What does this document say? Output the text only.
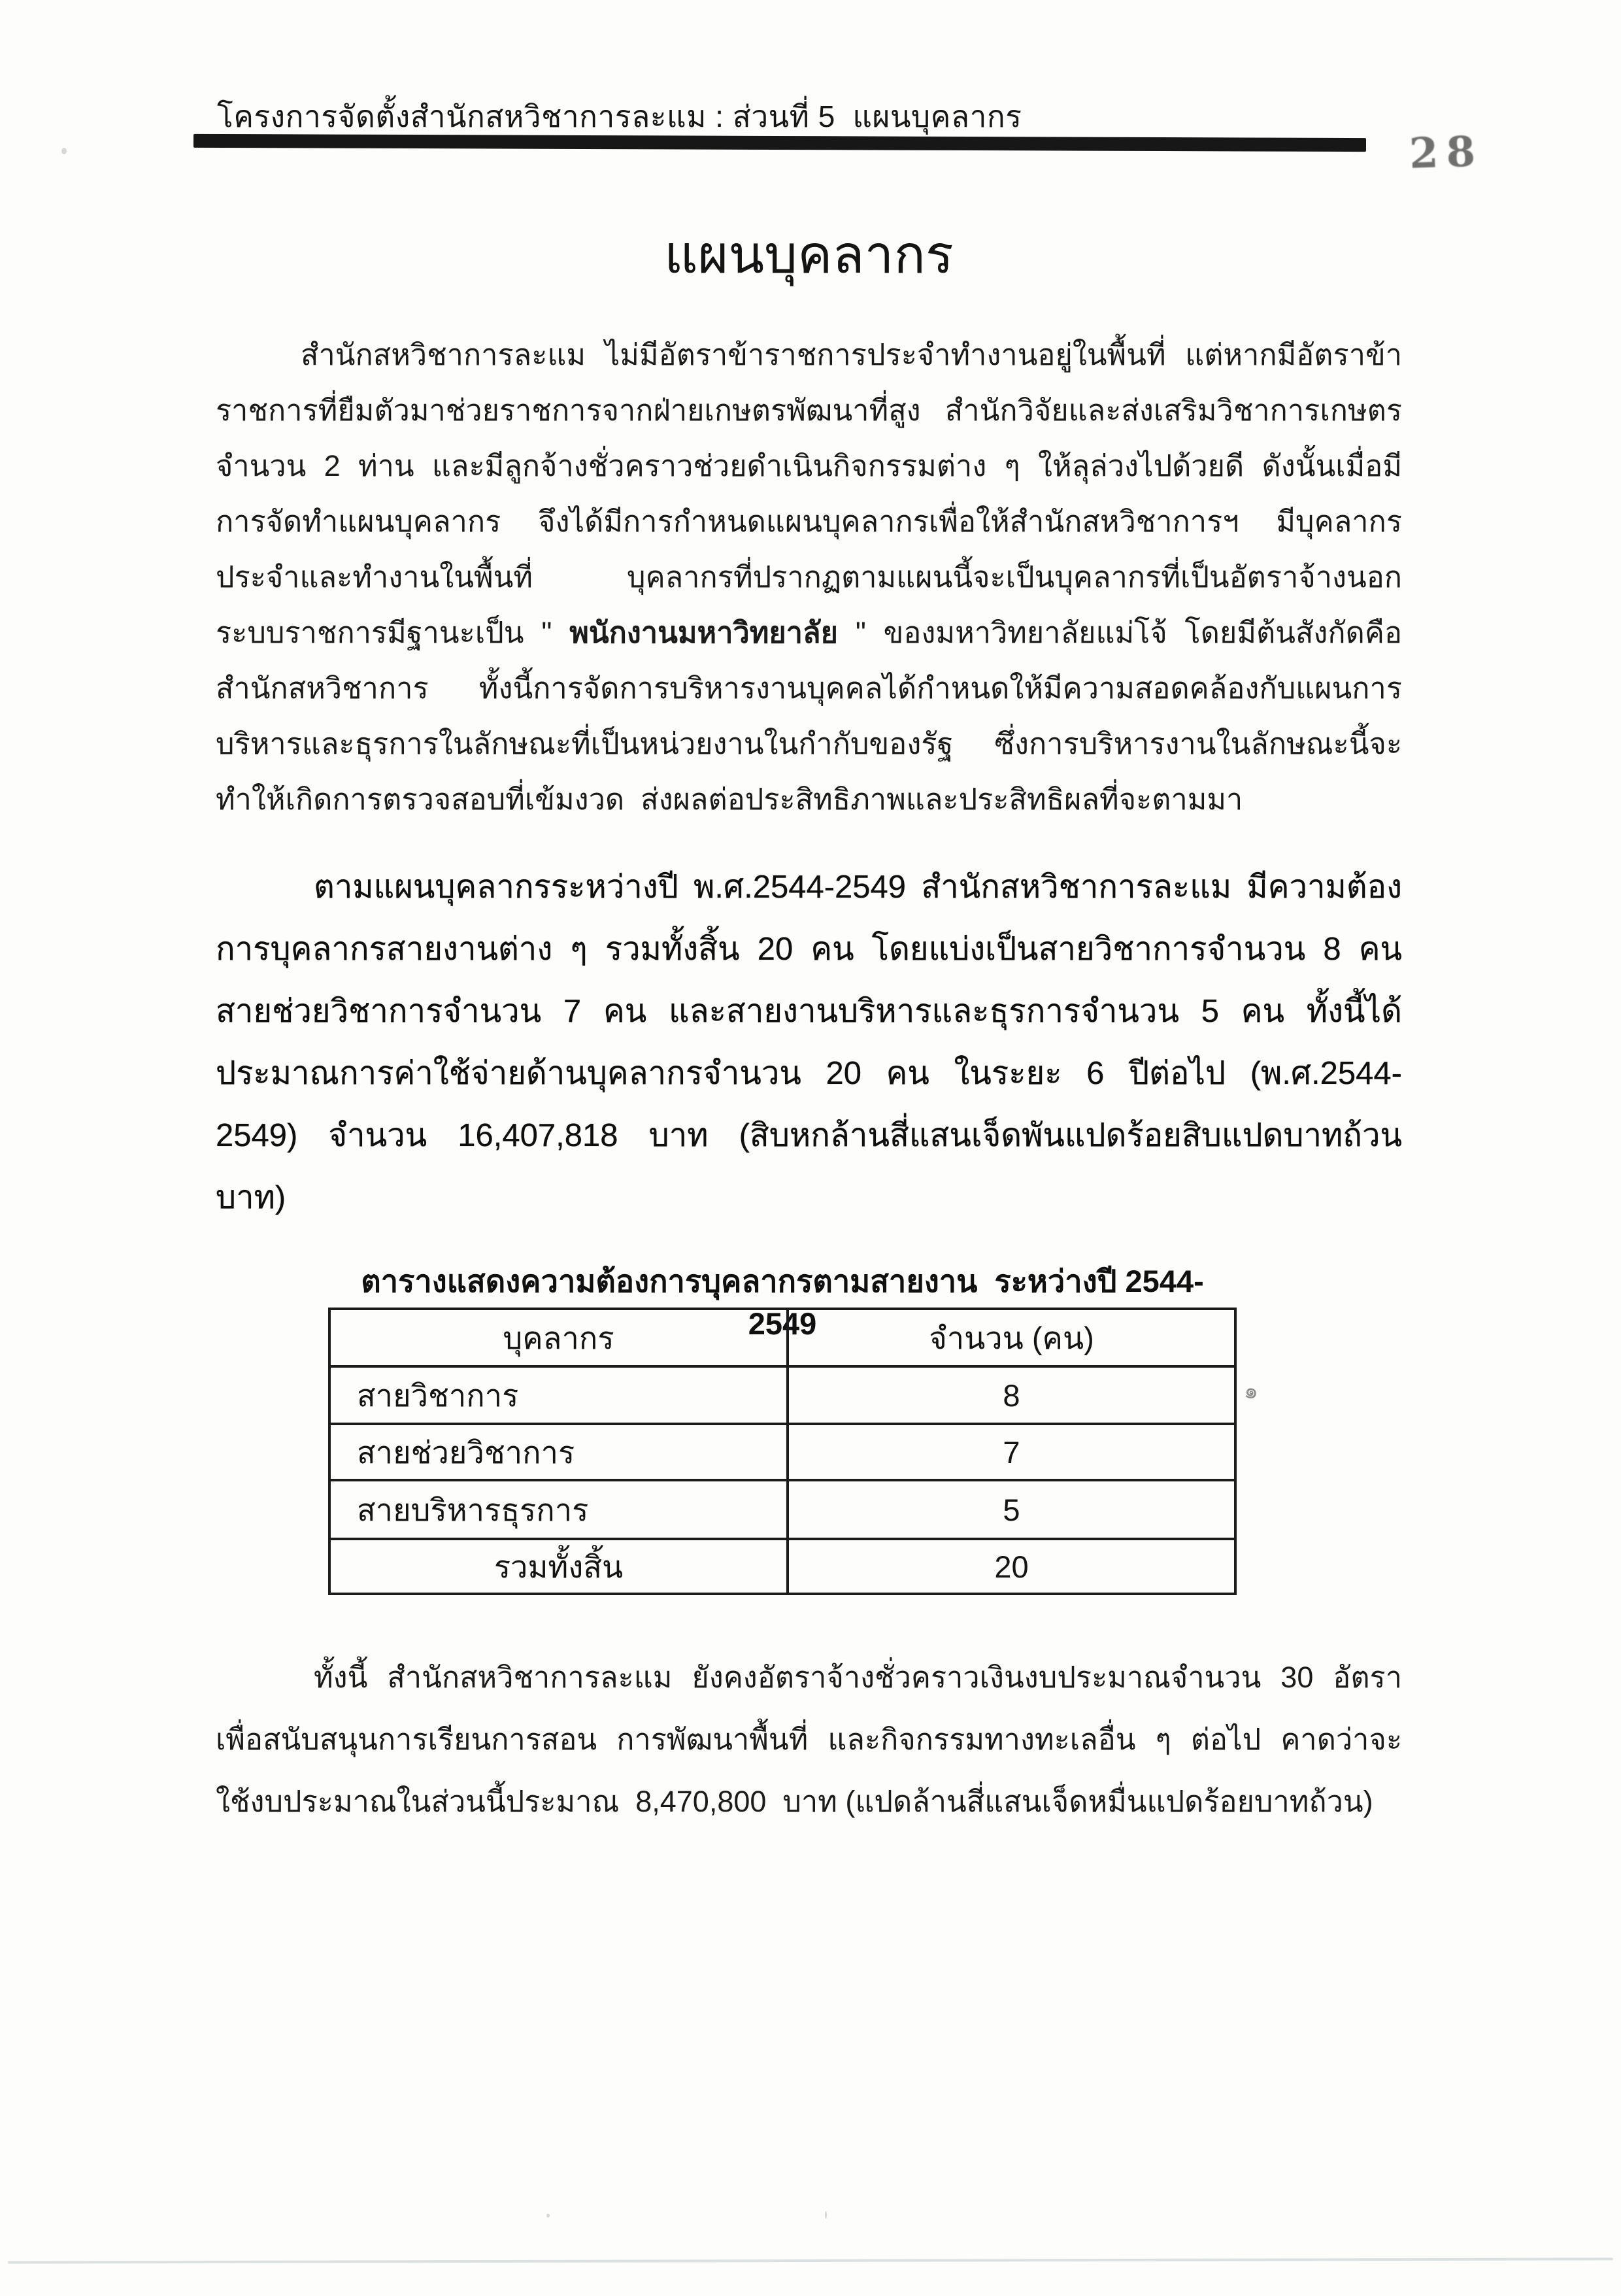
โครงการจัดตั้งสำนักสหวิชาการละแม : ส่วนที่ 5  แผนบุคลากร
28
แผนบุคลากร
สำนักสหวิชาการละแม ไม่มีอัตราข้าราชการประจำทำงานอยู่ในพื้นที่ แต่หากมีอัตราข้า
ราชการที่ยืมตัวมาช่วยราชการจากฝ่ายเกษตรพัฒนาที่สูง สำนักวิจัยและส่งเสริมวิชาการเกษตร
จำนวน 2 ท่าน และมีลูกจ้างชั่วคราวช่วยดำเนินกิจกรรมต่าง ๆ ให้ลุล่วงไปด้วยดี ดังนั้นเมื่อมี
การจัดทำแผนบุคลากร จึงได้มีการกำหนดแผนบุคลากรเพื่อให้สำนักสหวิชาการฯ มีบุคลากร
ประจำและทำงานในพื้นที่ บุคลากรที่ปรากฏตามแผนนี้จะเป็นบุคลากรที่เป็นอัตราจ้างนอก
ระบบราชการมีฐานะเป็น " พนักงานมหาวิทยาลัย " ของมหาวิทยาลัยแม่โจ้ โดยมีต้นสังกัดคือ
สำนักสหวิชาการ ทั้งนี้การจัดการบริหารงานบุคคลได้กำหนดให้มีความสอดคล้องกับแผนการ
บริหารและธุรการในลักษณะที่เป็นหน่วยงานในกำกับของรัฐ ซึ่งการบริหารงานในลักษณะนี้จะ
ทำให้เกิดการตรวจสอบที่เข้มงวด  ส่งผลต่อประสิทธิภาพและประสิทธิผลที่จะตามมา
ตามแผนบุคลากรระหว่างปี พ.ศ.2544-2549 สำนักสหวิชาการละแม มีความต้อง
การบุคลากรสายงานต่าง ๆ รวมทั้งสิ้น 20 คน โดยแบ่งเป็นสายวิชาการจำนวน 8 คน
สายช่วยวิชาการจำนวน 7 คน และสายงานบริหารและธุรการจำนวน 5 คน ทั้งนี้ได้
ประมาณการค่าใช้จ่ายด้านบุคลากรจำนวน 20 คน ในระยะ 6 ปีต่อไป (พ.ศ.2544-
2549) จำนวน 16,407,818 บาท (สิบหกล้านสี่แสนเจ็ดพันแปดร้อยสิบแปดบาทถ้วน
บาท)
ตารางแสดงความต้องการบุคลากรตามสายงาน  ระหว่างปี 2544-2549
บุคลากร	จำนวน (คน)
สายวิชาการ	8
สายช่วยวิชาการ	7
สายบริหารธุรการ	5
รวมทั้งสิ้น	20
๑
ทั้งนี้ สำนักสหวิชาการละแม ยังคงอัตราจ้างชั่วคราวเงินงบประมาณจำนวน 30 อัตรา
เพื่อสนับสนุนการเรียนการสอน การพัฒนาพื้นที่ และกิจกรรมทางทะเลอื่น ๆ ต่อไป คาดว่าจะ
ใช้งบประมาณในส่วนนี้ประมาณ  8,470,800  บาท (แปดล้านสี่แสนเจ็ดหมื่นแปดร้อยบาทถ้วน)
